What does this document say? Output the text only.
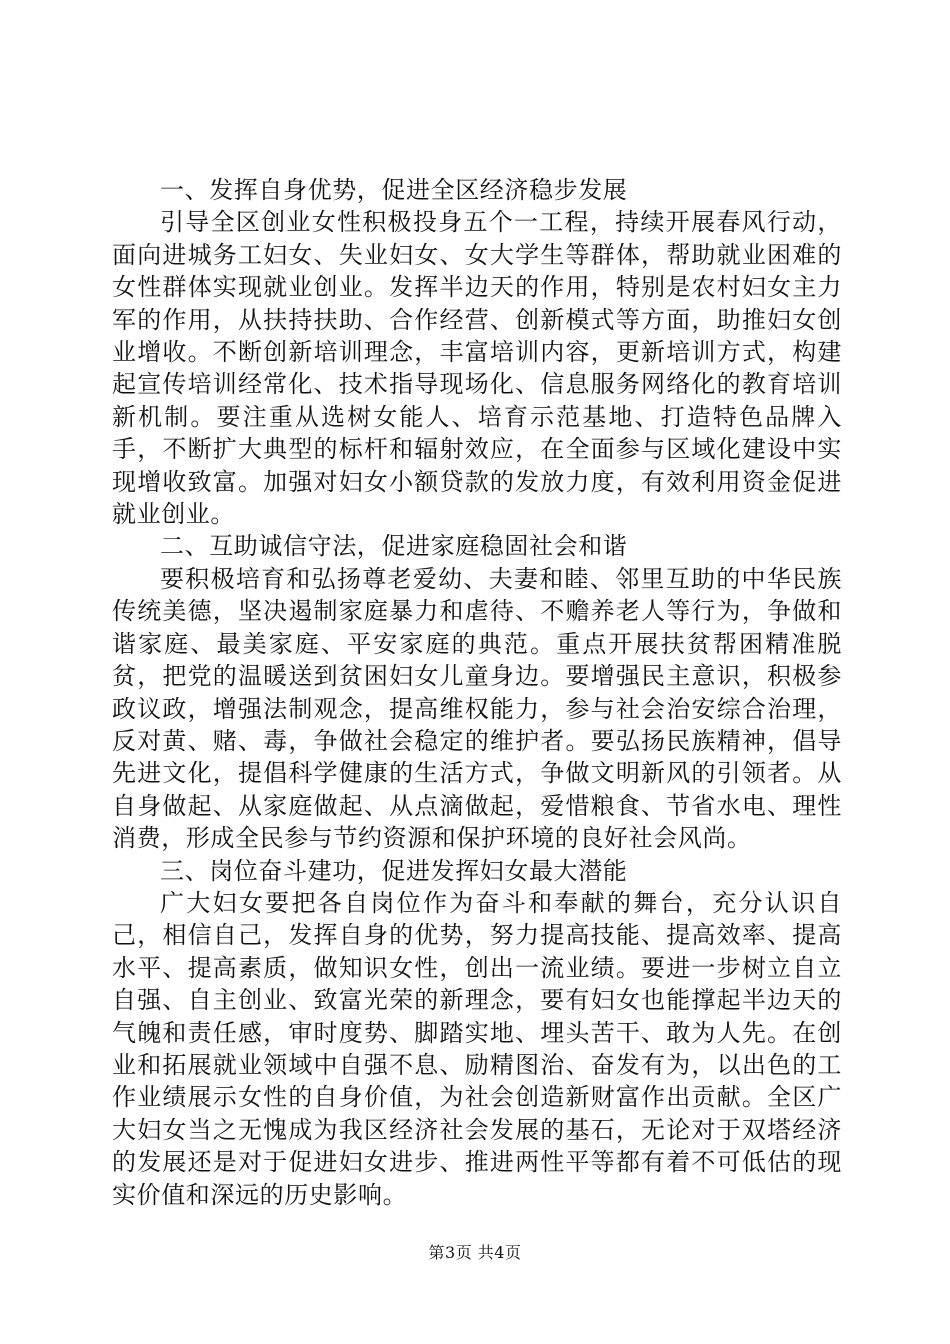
一、发挥自身优势，促进全区经济稳步发展

引导全区创业女性积极投身五个一工程，持续开展春风行动，面向进城务工妇女、失业妇女、女大学生等群体，帮助就业困难的女性群体实现就业创业。发挥半边天的作用，特别是农村妇女主力军的作用，从扶持扶助、合作经营、创新模式等方面，助推妇女创业增收。不断创新培训理念，丰富培训内容，更新培训方式，构建起宣传培训经常化、技术指导现场化、信息服务网络化的教育培训新机制。要注重从选树女能人、培育示范基地、打造特色品牌入手，不断扩大典型的标杆和辐射效应，在全面参与区域化建设中实现增收致富。加强对妇女小额贷款的发放力度，有效利用资金促进就业创业。

二、互助诚信守法，促进家庭稳固社会和谐

要积极培育和弘扬尊老爱幼、夫妻和睦、邻里互助的中华民族传统美德，坚决遏制家庭暴力和虐待、不赡养老人等行为，争做和谐家庭、最美家庭、平安家庭的典范。重点开展扶贫帮困精准脱贫，把党的温暖送到贫困妇女儿童身边。要增强民主意识，积极参政议政，增强法制观念，提高维权能力，参与社会治安综合治理，反对黄、赌、毒，争做社会稳定的维护者。要弘扬民族精神，倡导先进文化，提倡科学健康的生活方式，争做文明新风的引领者。从自身做起、从家庭做起、从点滴做起，爱惜粮食、节省水电、理性消费，形成全民参与节约资源和保护环境的良好社会风尚。

三、岗位奋斗建功，促进发挥妇女最大潜能

广大妇女要把各自岗位作为奋斗和奉献的舞台，充分认识自己，相信自己，发挥自身的优势，努力提高技能、提高效率、提高水平、提高素质，做知识女性，创出一流业绩。要进一步树立自立自强、自主创业、致富光荣的新理念，要有妇女也能撑起半边天的气魄和责任感，审时度势、脚踏实地、埋头苦干、敢为人先。在创业和拓展就业领域中自强不息、励精图治、奋发有为，以出色的工作业绩展示女性的自身价值，为社会创造新财富作出贡献。全区广大妇女当之无愧成为我区经济社会发展的基石，无论对于双塔经济的发展还是对于促进妇女进步、推进两性平等都有着不可低估的现实价值和深远的历史影响。

第3页 共4页
